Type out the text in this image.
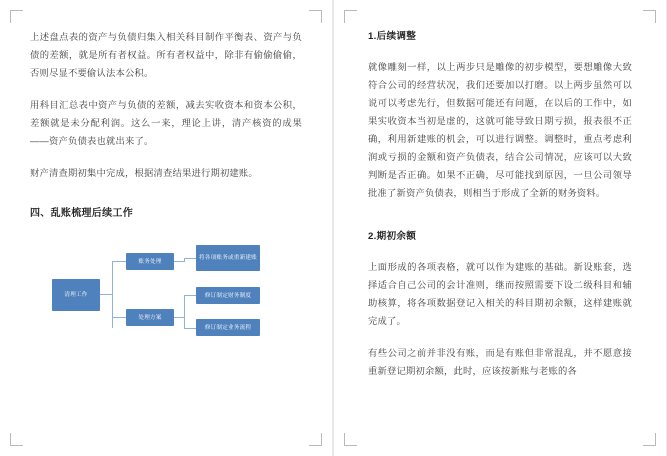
上述盘点表的资产与负债归集入相关科目制作平衡表、资产与负债的差额，就是所有者权益。所有者权益中，除非有偷偷偷偷，否则尽显不要偷认法本公积。

用科目汇总表中资产与负债的差额，减去实收资本和资本公积，差额就是未分配利润。这么一来，理论上讲，清产核资的成果——资产负债表也就出来了。

财产清查期初集中完成，根据清查结果进行期初建账。

四、乱账梳理后续工作
清理工作
账务处理
处理方案
将各项账务或重新建账
修订制定财务制度
修订制定业务流程
1.后续调整

就像雕刻一样，以上两步只是雕像的初步模型，要想雕像大致符合公司的经营状况，我们还要加以打磨。以上两步虽然可以说可以考虑先行，但数据可能还有问题，在以后的工作中，如果实收资本当初是虚的，这就可能导致日期亏损，报表很不正确，利用新建账的机会，可以进行调整。调整时，重点考虑利润或亏损的金额和资产负债表，结合公司情况，应该可以大致判断是否正确。如果不正确，尽可能找到原因，一旦公司领导批准了新资产负债表，则相当于形成了全新的财务资料。

2.期初余额

上面形成的各项表格，就可以作为建账的基础。新设账套，选择适合自己公司的会计准则，继而按照需要下设二级科目和辅助核算，将各项数据登记入相关的科目期初余额，这样建账就完成了。

有些公司之前并非没有账，而是有账但非常混乱，并不愿意接重新登记期初余额，此时，应该按新账与老账的各
